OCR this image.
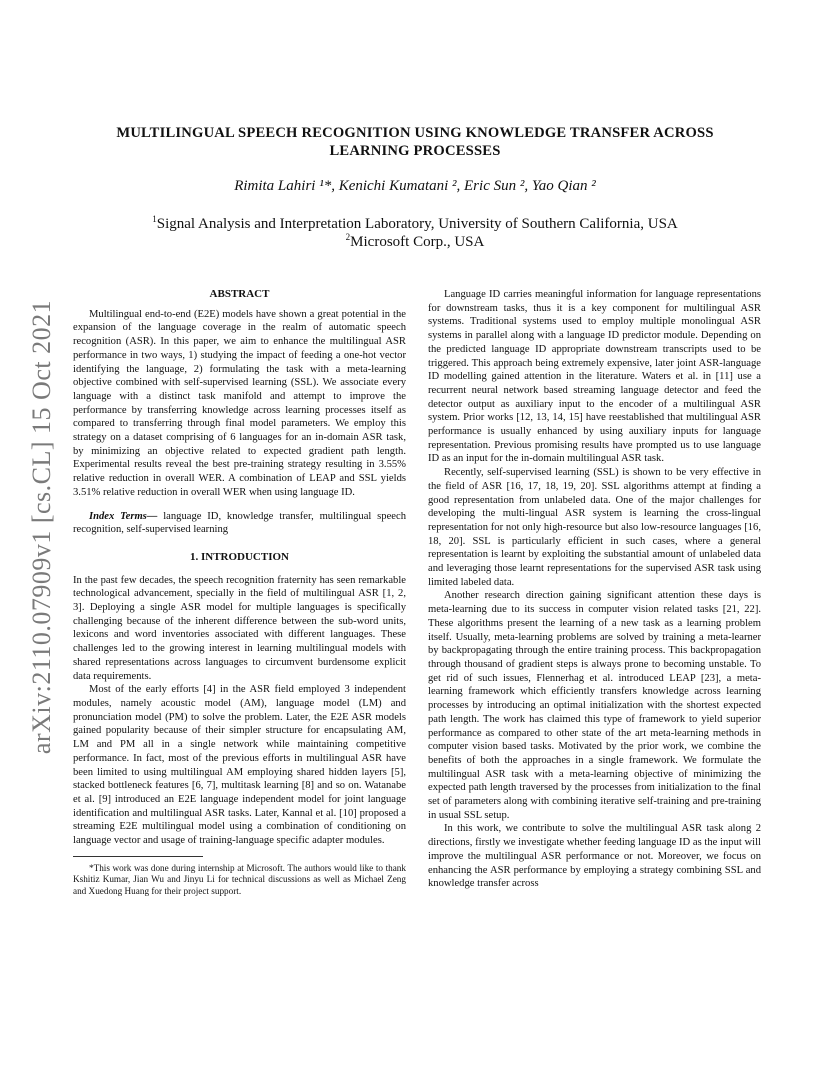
arXiv:2110.07909v1 [cs.CL] 15 Oct 2021
MULTILINGUAL SPEECH RECOGNITION USING KNOWLEDGE TRANSFER ACROSS
LEARNING PROCESSES
Rimita Lahiri ¹*, Kenichi Kumatani ², Eric Sun ², Yao Qian ²
$^1$Signal Analysis and Interpretation Laboratory, University of Southern California, USA
$^2$Microsoft Corp., USA
ABSTRACT

Multilingual end-to-end (E2E) models have shown a great potential in the expansion of the language coverage in the realm of automatic speech recognition (ASR). In this paper, we aim to enhance the multilingual ASR performance in two ways, 1) studying the impact of feeding a one-hot vector identifying the language, 2) formulating the task with a meta-learning objective combined with self-supervised learning (SSL). We associate every language with a distinct task manifold and attempt to improve the performance by transferring knowledge across learning processes itself as compared to transferring through final model parameters. We employ this strategy on a dataset comprising of 6 languages for an in-domain ASR task, by minimizing an objective related to expected gradient path length. Experimental results reveal the best pre-training strategy resulting in 3.55% relative reduction in overall WER. A combination of LEAP and SSL yields 3.51% relative reduction in overall WER when using language ID.

Index Terms— language ID, knowledge transfer, multilingual speech recognition, self-supervised learning

1. INTRODUCTION

In the past few decades, the speech recognition fraternity has seen remarkable technological advancement, specially in the field of multilingual ASR [1, 2, 3]. Deploying a single ASR model for multiple languages is specifically challenging because of the inherent difference between the sub-word units, lexicons and word inventories associated with different languages. These challenges led to the growing interest in learning multilingual models with shared representations across languages to circumvent burdensome explicit data requirements.

Most of the early efforts [4] in the ASR field employed 3 independent modules, namely acoustic model (AM), language model (LM) and pronunciation model (PM) to solve the problem. Later, the E2E ASR models gained popularity because of their simpler structure for encapsulating AM, LM and PM all in a single network while maintaining competitive performance. In fact, most of the previous efforts in multilingual ASR have been limited to using multilingual AM employing shared hidden layers [5], stacked bottleneck features [6, 7], multitask learning [8] and so on. Watanabe et al. [9] introduced an E2E language independent model for joint language identification and multilingual ASR tasks. Later, Kannal et al. [10] proposed a streaming E2E multilingual model using a combination of conditioning on language vector and usage of training-language specific adapter modules.

*This work was done during internship at Microsoft. The authors would like to thank Kshitiz Kumar, Jian Wu and Jinyu Li for technical discussions as well as Michael Zeng and Xuedong Huang for their project support.

Language ID carries meaningful information for language representations for downstream tasks, thus it is a key component for multilingual ASR systems. Traditional systems used to employ multiple monolingual ASR systems in parallel along with a language ID predictor module. Depending on the predicted language ID appropriate downstream transcripts used to be triggered. This approach being extremely expensive, later joint ASR-language ID modelling gained attention in the literature. Waters et al. in [11] use a recurrent neural network based streaming language detector and feed the detector output as auxiliary input to the encoder of a multilingual ASR system. Prior works [12, 13, 14, 15] have reestablished that multilingual ASR performance is usually enhanced by using auxiliary inputs for language representation. Previous promising results have prompted us to use language ID as an input for the in-domain multilingual ASR task.

Recently, self-supervised learning (SSL) is shown to be very effective in the field of ASR [16, 17, 18, 19, 20]. SSL algorithms attempt at finding a good representation from unlabeled data. One of the major challenges for developing the multi-lingual ASR system is learning the cross-lingual representation for not only high-resource but also low-resource languages [16, 18, 20]. SSL is particularly efficient in such cases, where a general representation is learnt by exploiting the substantial amount of unlabeled data and leveraging those learnt representations for the supervised ASR task using limited labeled data.

Another research direction gaining significant attention these days is meta-learning due to its success in computer vision related tasks [21, 22]. These algorithms present the learning of a new task as a learning problem itself. Usually, meta-learning problems are solved by training a meta-learner by backpropagating through the entire training process. This backpropagation through thousand of gradient steps is always prone to becoming unstable. To get rid of such issues, Flennerhag et al. introduced LEAP [23], a meta-learning framework which efficiently transfers knowledge across learning processes by introducing an optimal initialization with the shortest expected path length. The work has claimed this type of framework to yield superior performance as compared to other state of the art meta-learning methods in computer vision based tasks. Motivated by the prior work, we combine the benefits of both the approaches in a single framework. We formulate the multilingual ASR task with a meta-learning objective of minimizing the expected path length traversed by the processes from initialization to the final set of parameters along with combining iterative self-training and pre-training in usual SSL setup.

In this work, we contribute to solve the multilingual ASR task along 2 directions, firstly we investigate whether feeding language ID as the input will improve the multilingual ASR performance or not. Moreover, we focus on enhancing the ASR performance by employing a strategy combining SSL and knowledge transfer across
